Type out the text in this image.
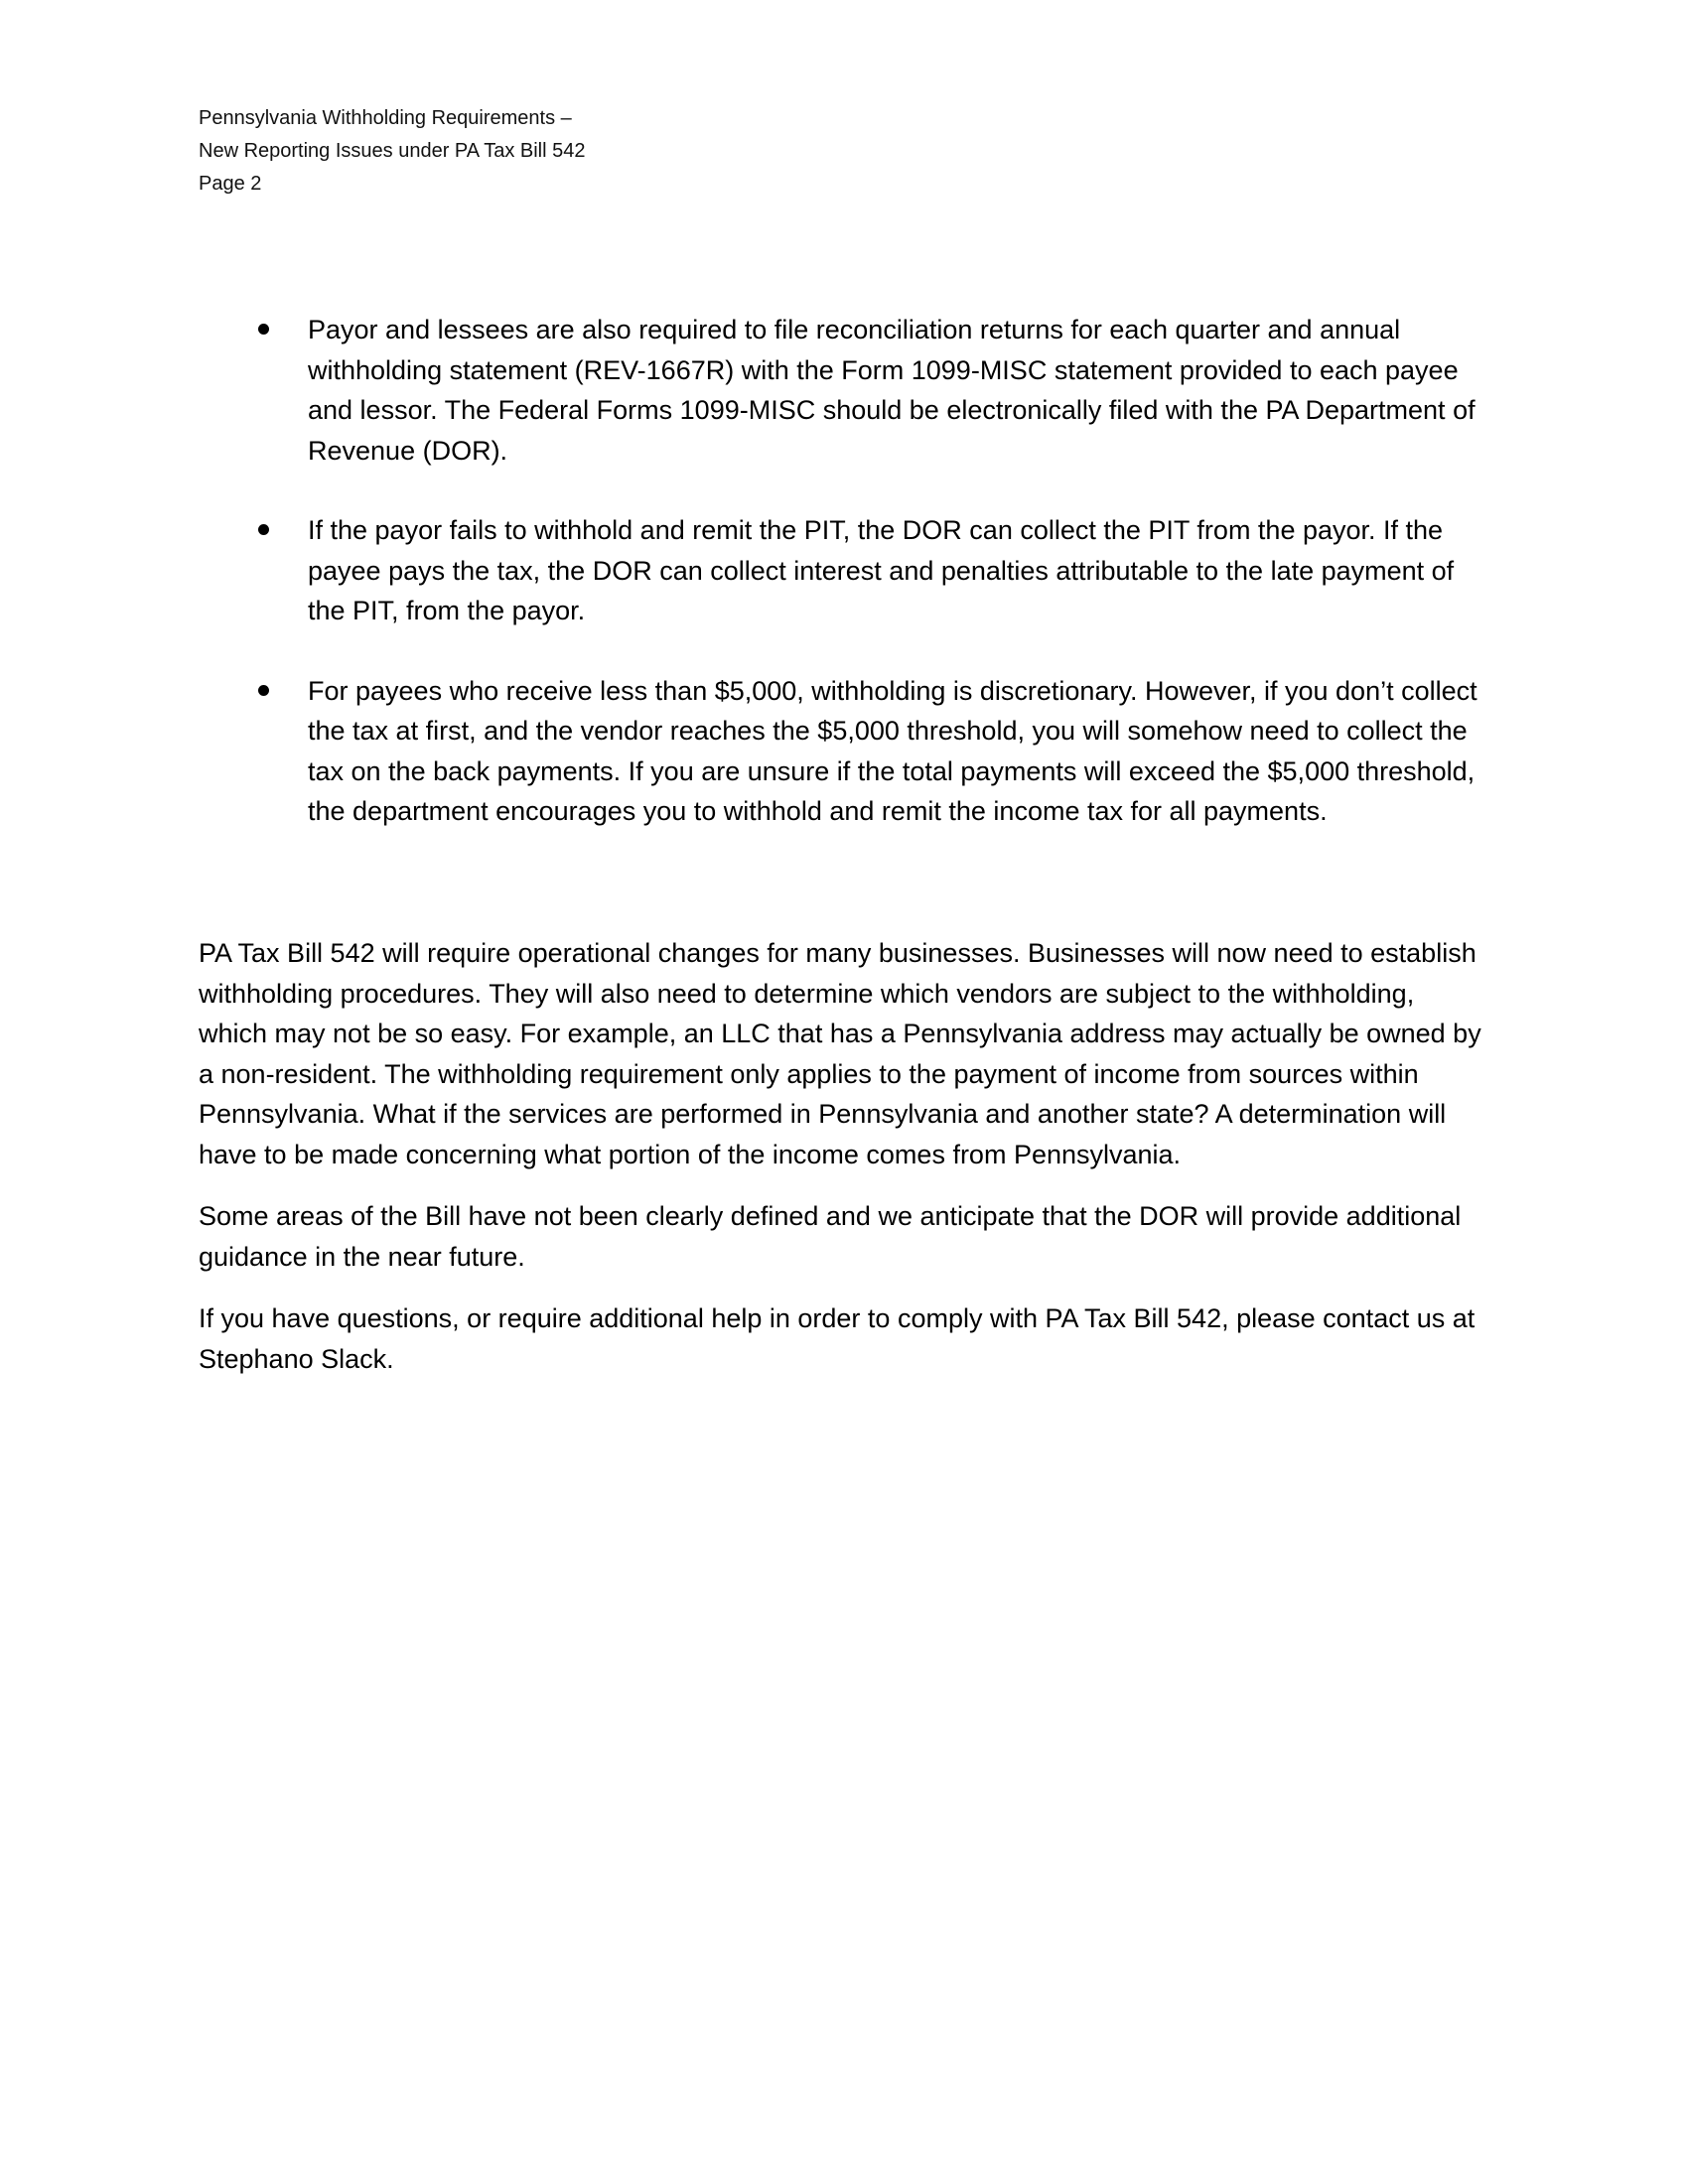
Pennsylvania Withholding Requirements –
New Reporting Issues under PA Tax Bill 542
Page 2
Payor and lessees are also required to file reconciliation returns for each quarter and annual withholding statement (REV-1667R) with the Form 1099-MISC statement provided to each payee and lessor. The Federal Forms 1099-MISC should be electronically filed with the PA Department of Revenue (DOR).
If the payor fails to withhold and remit the PIT, the DOR can collect the PIT from the payor. If the payee pays the tax, the DOR can collect interest and penalties attributable to the late payment of the PIT, from the payor.
For payees who receive less than $5,000, withholding is discretionary. However, if you don’t collect the tax at first, and the vendor reaches the $5,000 threshold, you will somehow need to collect the tax on the back payments. If you are unsure if the total payments will exceed the $5,000 threshold, the department encourages you to withhold and remit the income tax for all payments.

PA Tax Bill 542 will require operational changes for many businesses. Businesses will now need to establish withholding procedures. They will also need to determine which vendors are subject to the withholding, which may not be so easy. For example, an LLC that has a Pennsylvania address may actually be owned by a non-resident. The withholding requirement only applies to the payment of income from sources within Pennsylvania. What if the services are performed in Pennsylvania and another state? A determination will have to be made concerning what portion of the income comes from Pennsylvania.

Some areas of the Bill have not been clearly defined and we anticipate that the DOR will provide additional guidance in the near future.

If you have questions, or require additional help in order to comply with PA Tax Bill 542, please contact us at Stephano Slack.
